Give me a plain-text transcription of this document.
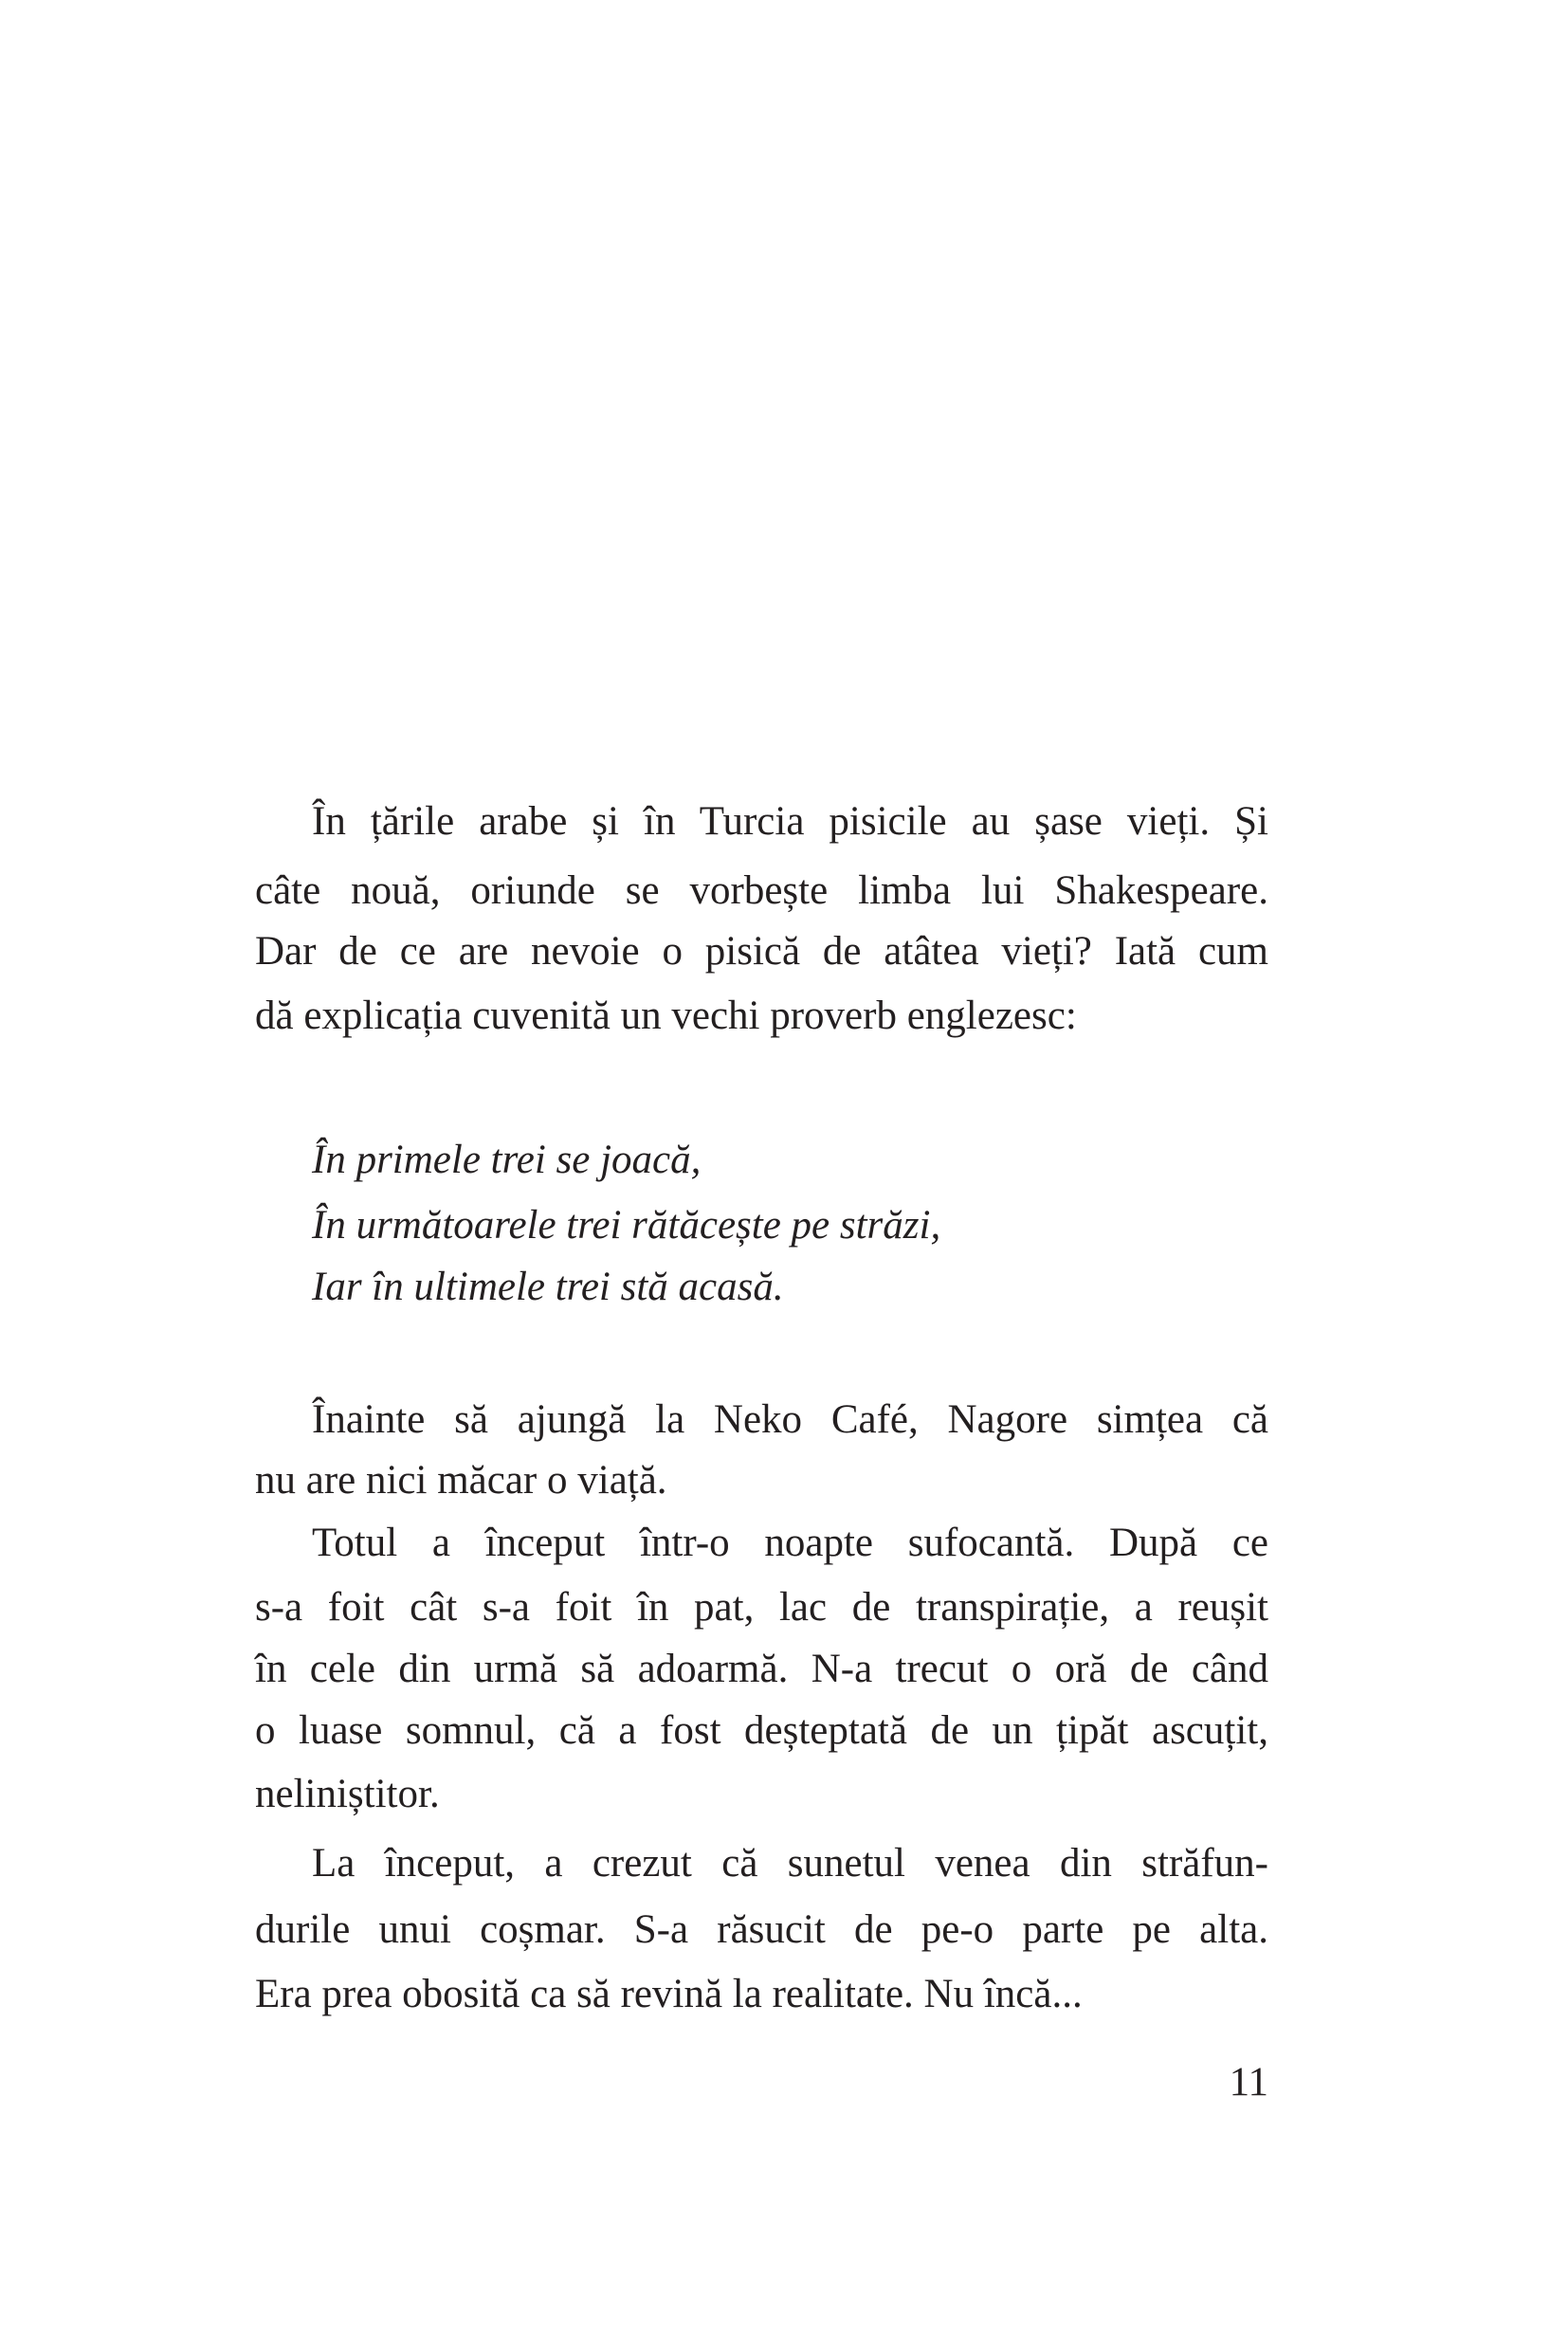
În țările arabe și în Turcia pisicile au șase vieți. Și
câte nouă, oriunde se vorbește limba lui Shakespeare.
Dar de ce are nevoie o pisică de atâtea vieți? Iată cum
dă explicația cuvenită un vechi proverb englezesc:
În primele trei se joacă,
În următoarele trei rătăcește pe străzi,
Iar în ultimele trei stă acasă.
Înainte să ajungă la Neko Café, Nagore simțea că
nu are nici măcar o viață.
Totul a început într-o noapte sufocantă. După ce
s-a foit cât s-a foit în pat, lac de transpirație, a reușit
în cele din urmă să adoarmă. N-a trecut o oră de când
o luase somnul, că a fost deșteptată de un țipăt ascuțit,
neliniștitor.
La început, a crezut că sunetul venea din străfun-
durile unui coșmar. S-a răsucit de pe-o parte pe alta.
Era prea obosită ca să revină la realitate. Nu încă...
11
